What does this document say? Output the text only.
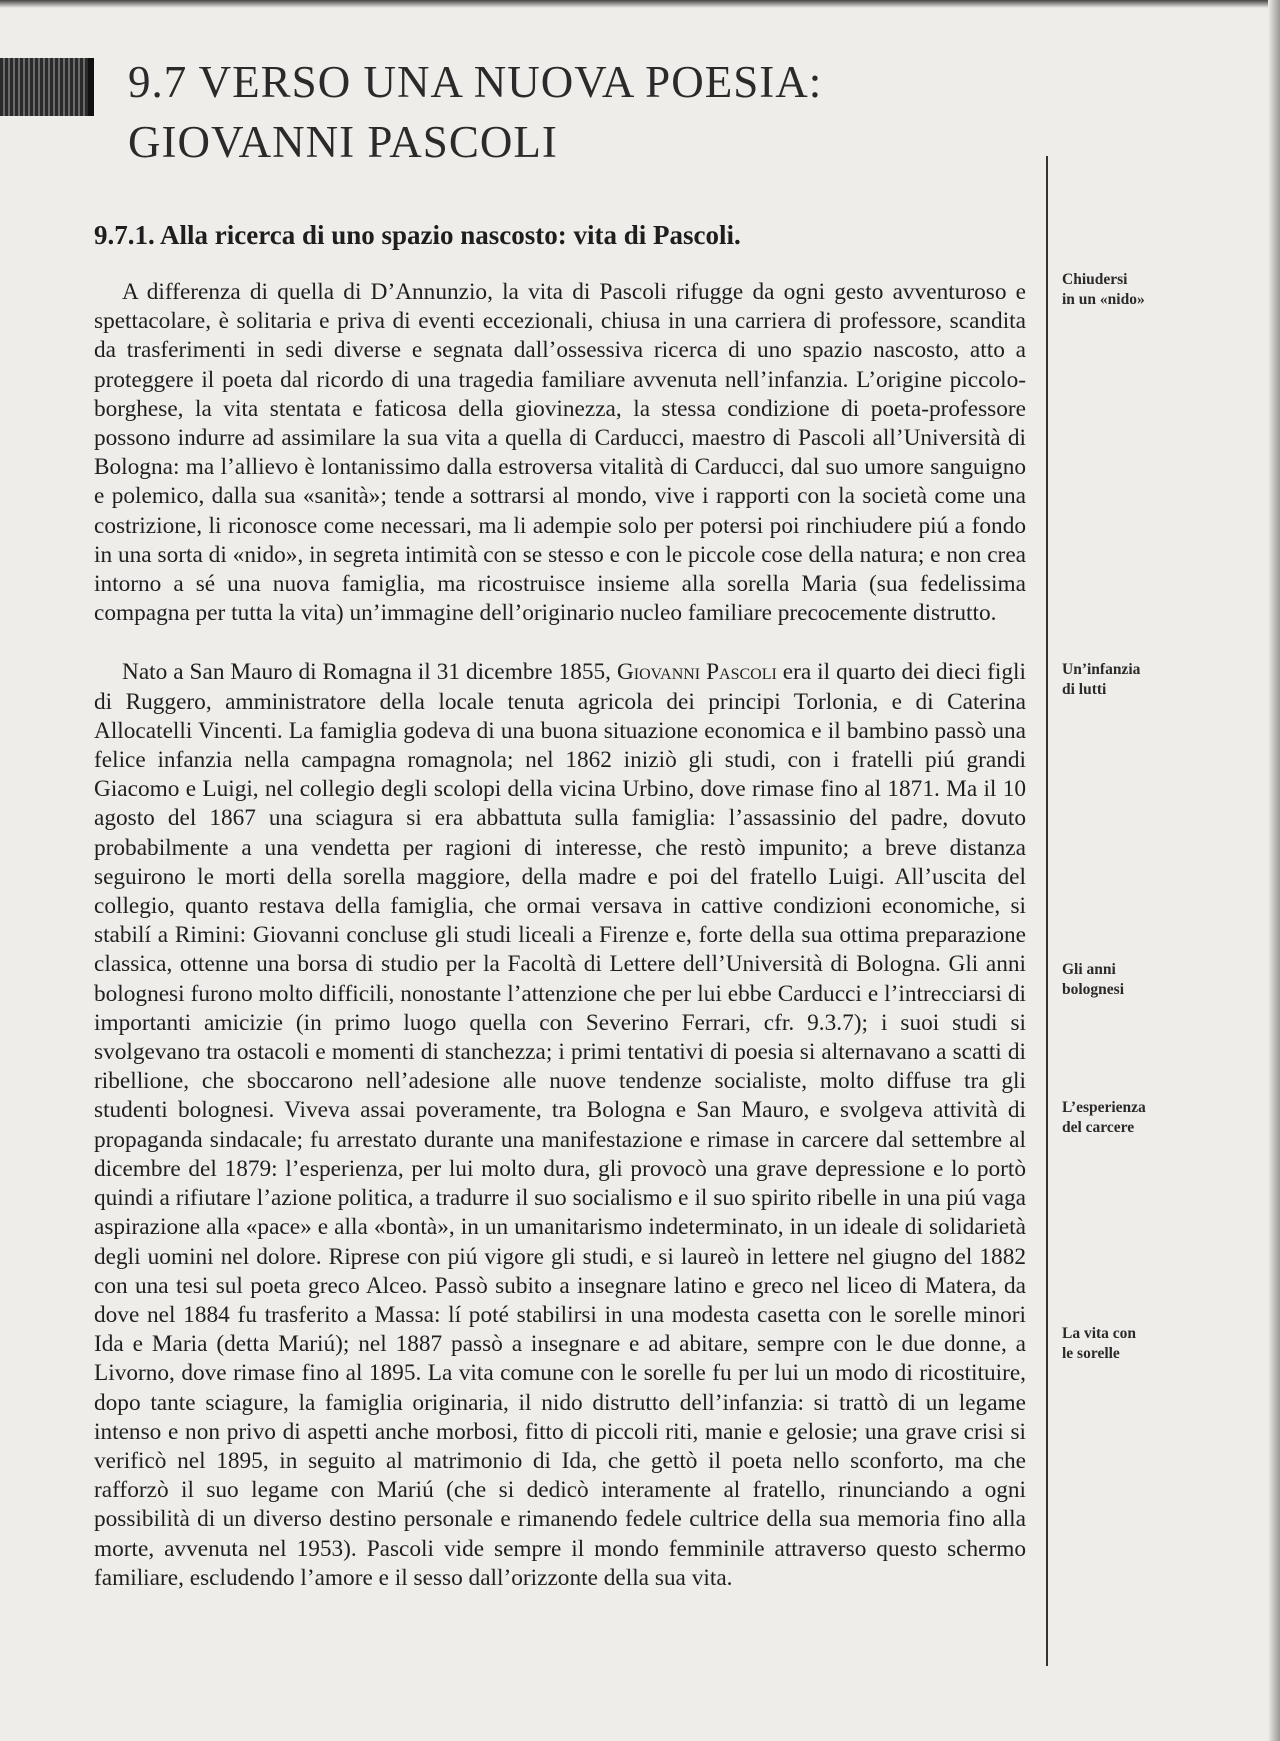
9.7 VERSO UNA NUOVA POESIA:
GIOVANNI PASCOLI
9.7.1. Alla ricerca di uno spazio nascosto: vita di Pascoli.

A differenza di quella di D’Annunzio, la vita di Pascoli rifugge da ogni gesto avventuroso e spettacolare, è solitaria e priva di eventi eccezionali, chiusa in una carriera di professore, scandita da trasferimenti in sedi diverse e segnata dall’ossessiva ricerca di uno spazio nascosto, atto a proteggere il poeta dal ricordo di una tragedia familiare avvenuta nell’infanzia. L’origine piccolo-borghese, la vita stentata e faticosa della giovinezza, la stessa condizione di poeta-professore possono indurre ad assimilare la sua vita a quella di Carducci, maestro di Pascoli all’Università di Bologna: ma l’allievo è lontanissimo dalla estroversa vitalità di Carducci, dal suo umore sanguigno e polemico, dalla sua «sanità»; tende a sottrarsi al mondo, vive i rapporti con la società come una costrizione, li riconosce come necessari, ma li adempie solo per potersi poi rinchiudere piú a fondo in una sorta di «nido», in segreta intimità con se stesso e con le piccole cose della natura; e non crea intorno a sé una nuova famiglia, ma ricostruisce insieme alla sorella Maria (sua fedelissima compagna per tutta la vita) un’immagine dell’originario nucleo familiare precocemente distrutto.

Nato a San Mauro di Romagna il 31 dicembre 1855, Giovanni Pascoli era il quarto dei dieci figli di Ruggero, amministratore della locale tenuta agricola dei principi Torlonia, e di Caterina Allocatelli Vincenti. La famiglia godeva di una buona situazione economica e il bambino passò una felice infanzia nella campagna romagnola; nel 1862 iniziò gli studi, con i fratelli piú grandi Giacomo e Luigi, nel collegio degli scolopi della vicina Urbino, dove rimase fino al 1871. Ma il 10 agosto del 1867 una sciagura si era abbattuta sulla famiglia: l’assassinio del padre, dovuto probabilmente a una vendetta per ragioni di interesse, che restò impunito; a breve distanza seguirono le morti della sorella maggiore, della madre e poi del fratello Luigi. All’uscita del collegio, quanto restava della famiglia, che ormai versava in cattive condizioni economiche, si stabilí a Rimini: Giovanni concluse gli studi liceali a Firenze e, forte della sua ottima preparazione classica, ottenne una borsa di studio per la Facoltà di Lettere dell’Università di Bologna. Gli anni bolognesi furono molto difficili, nonostante l’attenzione che per lui ebbe Carducci e l’intrecciarsi di importanti amicizie (in primo luogo quella con Severino Ferrari, cfr. 9.3.7); i suoi studi si svolgevano tra ostacoli e momenti di stanchezza; i primi tentativi di poesia si alternavano a scatti di ribellione, che sboccarono nell’adesione alle nuove tendenze socialiste, molto diffuse tra gli studenti bolognesi. Viveva assai poveramente, tra Bologna e San Mauro, e svolgeva attività di propaganda sindacale; fu arrestato durante una manifestazione e rimase in carcere dal settembre al dicembre del 1879: l’esperienza, per lui molto dura, gli provocò una grave depressione e lo portò quindi a rifiutare l’azione politica, a tradurre il suo socialismo e il suo spirito ribelle in una piú vaga aspirazione alla «pace» e alla «bontà», in un umanitarismo indeterminato, in un ideale di solidarietà degli uomini nel dolore. Riprese con piú vigore gli studi, e si laureò in lettere nel giugno del 1882 con una tesi sul poeta greco Alceo. Passò subito a insegnare latino e greco nel liceo di Matera, da dove nel 1884 fu trasferito a Massa: lí poté stabilirsi in una modesta casetta con le sorelle minori Ida e Maria (detta Mariú); nel 1887 passò a insegnare e ad abitare, sempre con le due donne, a Livorno, dove rimase fino al 1895. La vita comune con le sorelle fu per lui un modo di ricostituire, dopo tante sciagure, la famiglia originaria, il nido distrutto dell’infanzia: si trattò di un legame intenso e non privo di aspetti anche morbosi, fitto di piccoli riti, manie e gelosie; una grave crisi si verificò nel 1895, in seguito al matrimonio di Ida, che gettò il poeta nello sconforto, ma che rafforzò il suo legame con Mariú (che si dedicò interamente al fratello, rinunciando a ogni possibilità di un diverso destino personale e rimanendo fedele cultrice della sua memoria fino alla morte, avvenuta nel 1953). Pascoli vide sempre il mondo femminile attraverso questo schermo familiare, escludendo l’amore e il sesso dall’orizzonte della sua vita.

Chiudersi
in un «nido»
Un’infanzia
di lutti
Gli anni
bolognesi
L’esperienza
del carcere
La vita con
le sorelle
